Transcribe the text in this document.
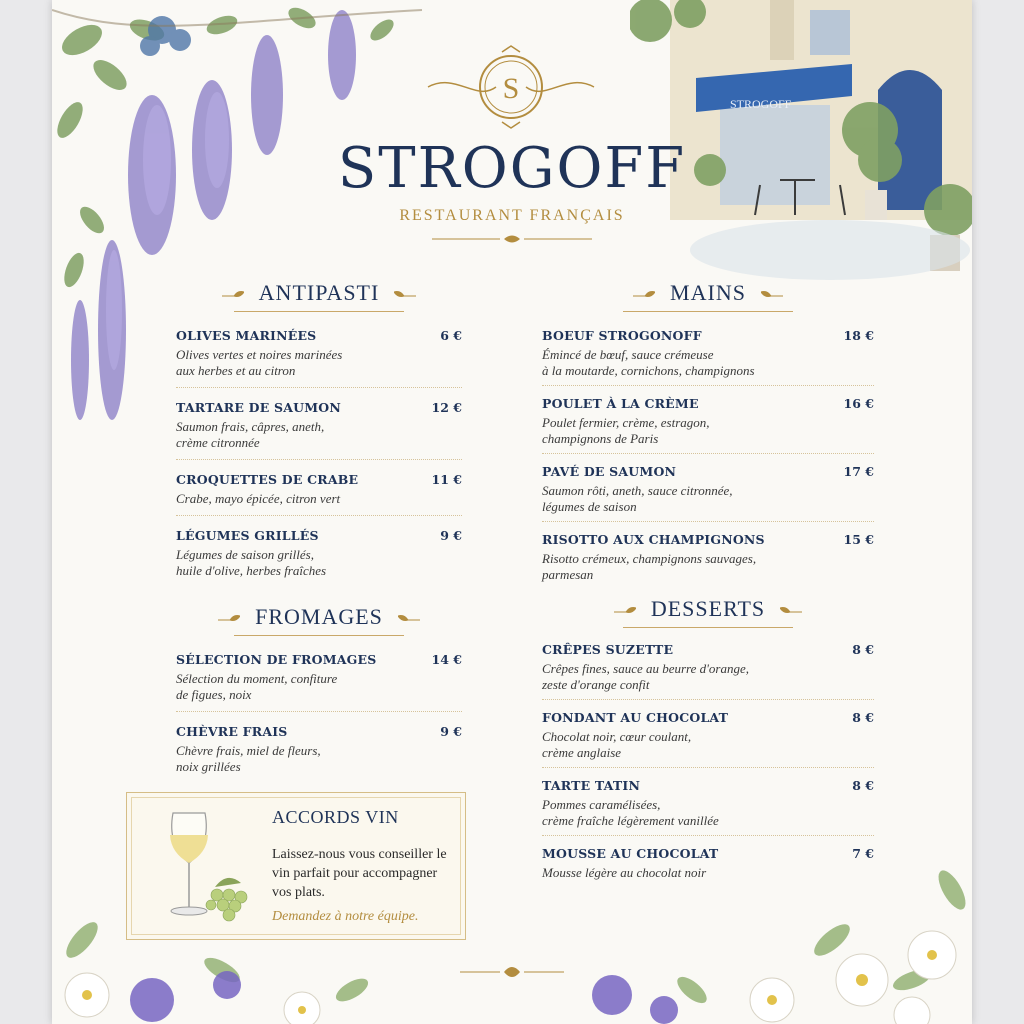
STROGOFF
S
STROGOFF
RESTAURANT FRANÇAIS
ANTIPASTI
OLIVES MARINÉES	6 €
Olives vertes et noires marinées
aux herbes et au citron
TARTARE DE SAUMON	12 €
Saumon frais, câpres, aneth,
crème citronnée
CROQUETTES DE CRABE	11 €
Crabe, mayo épicée, citron vert
LÉGUMES GRILLÉS	9 €
Légumes de saison grillés,
huile d'olive, herbes fraîches
FROMAGES
SÉLECTION DE FROMAGES	14 €
Sélection du moment, confiture
de figues, noix
CHÈVRE FRAIS	9 €
Chèvre frais, miel de fleurs,
noix grillées
MAINS
BOEUF STROGONOFF	18 €
Émincé de bœuf, sauce crémeuse
à la moutarde, cornichons, champignons
POULET À LA CRÈME	16 €
Poulet fermier, crème, estragon,
champignons de Paris
PAVÉ DE SAUMON	17 €
Saumon rôti, aneth, sauce citronnée,
légumes de saison
RISOTTO AUX CHAMPIGNONS	15 €
Risotto crémeux, champignons sauvages,
parmesan
DESSERTS
CRÊPES SUZETTE	8 €
Crêpes fines, sauce au beurre d'orange,
zeste d'orange confit
FONDANT AU CHOCOLAT	8 €
Chocolat noir, cœur coulant,
crème anglaise
TARTE TATIN	8 €
Pommes caramélisées,
crème fraîche légèrement vanillée
MOUSSE AU CHOCOLAT	7 €
Mousse légère au chocolat noir
ACCORDS VIN
Laissez-nous vous conseiller le vin parfait pour accompagner vos plats.
Demandez à notre équipe.
